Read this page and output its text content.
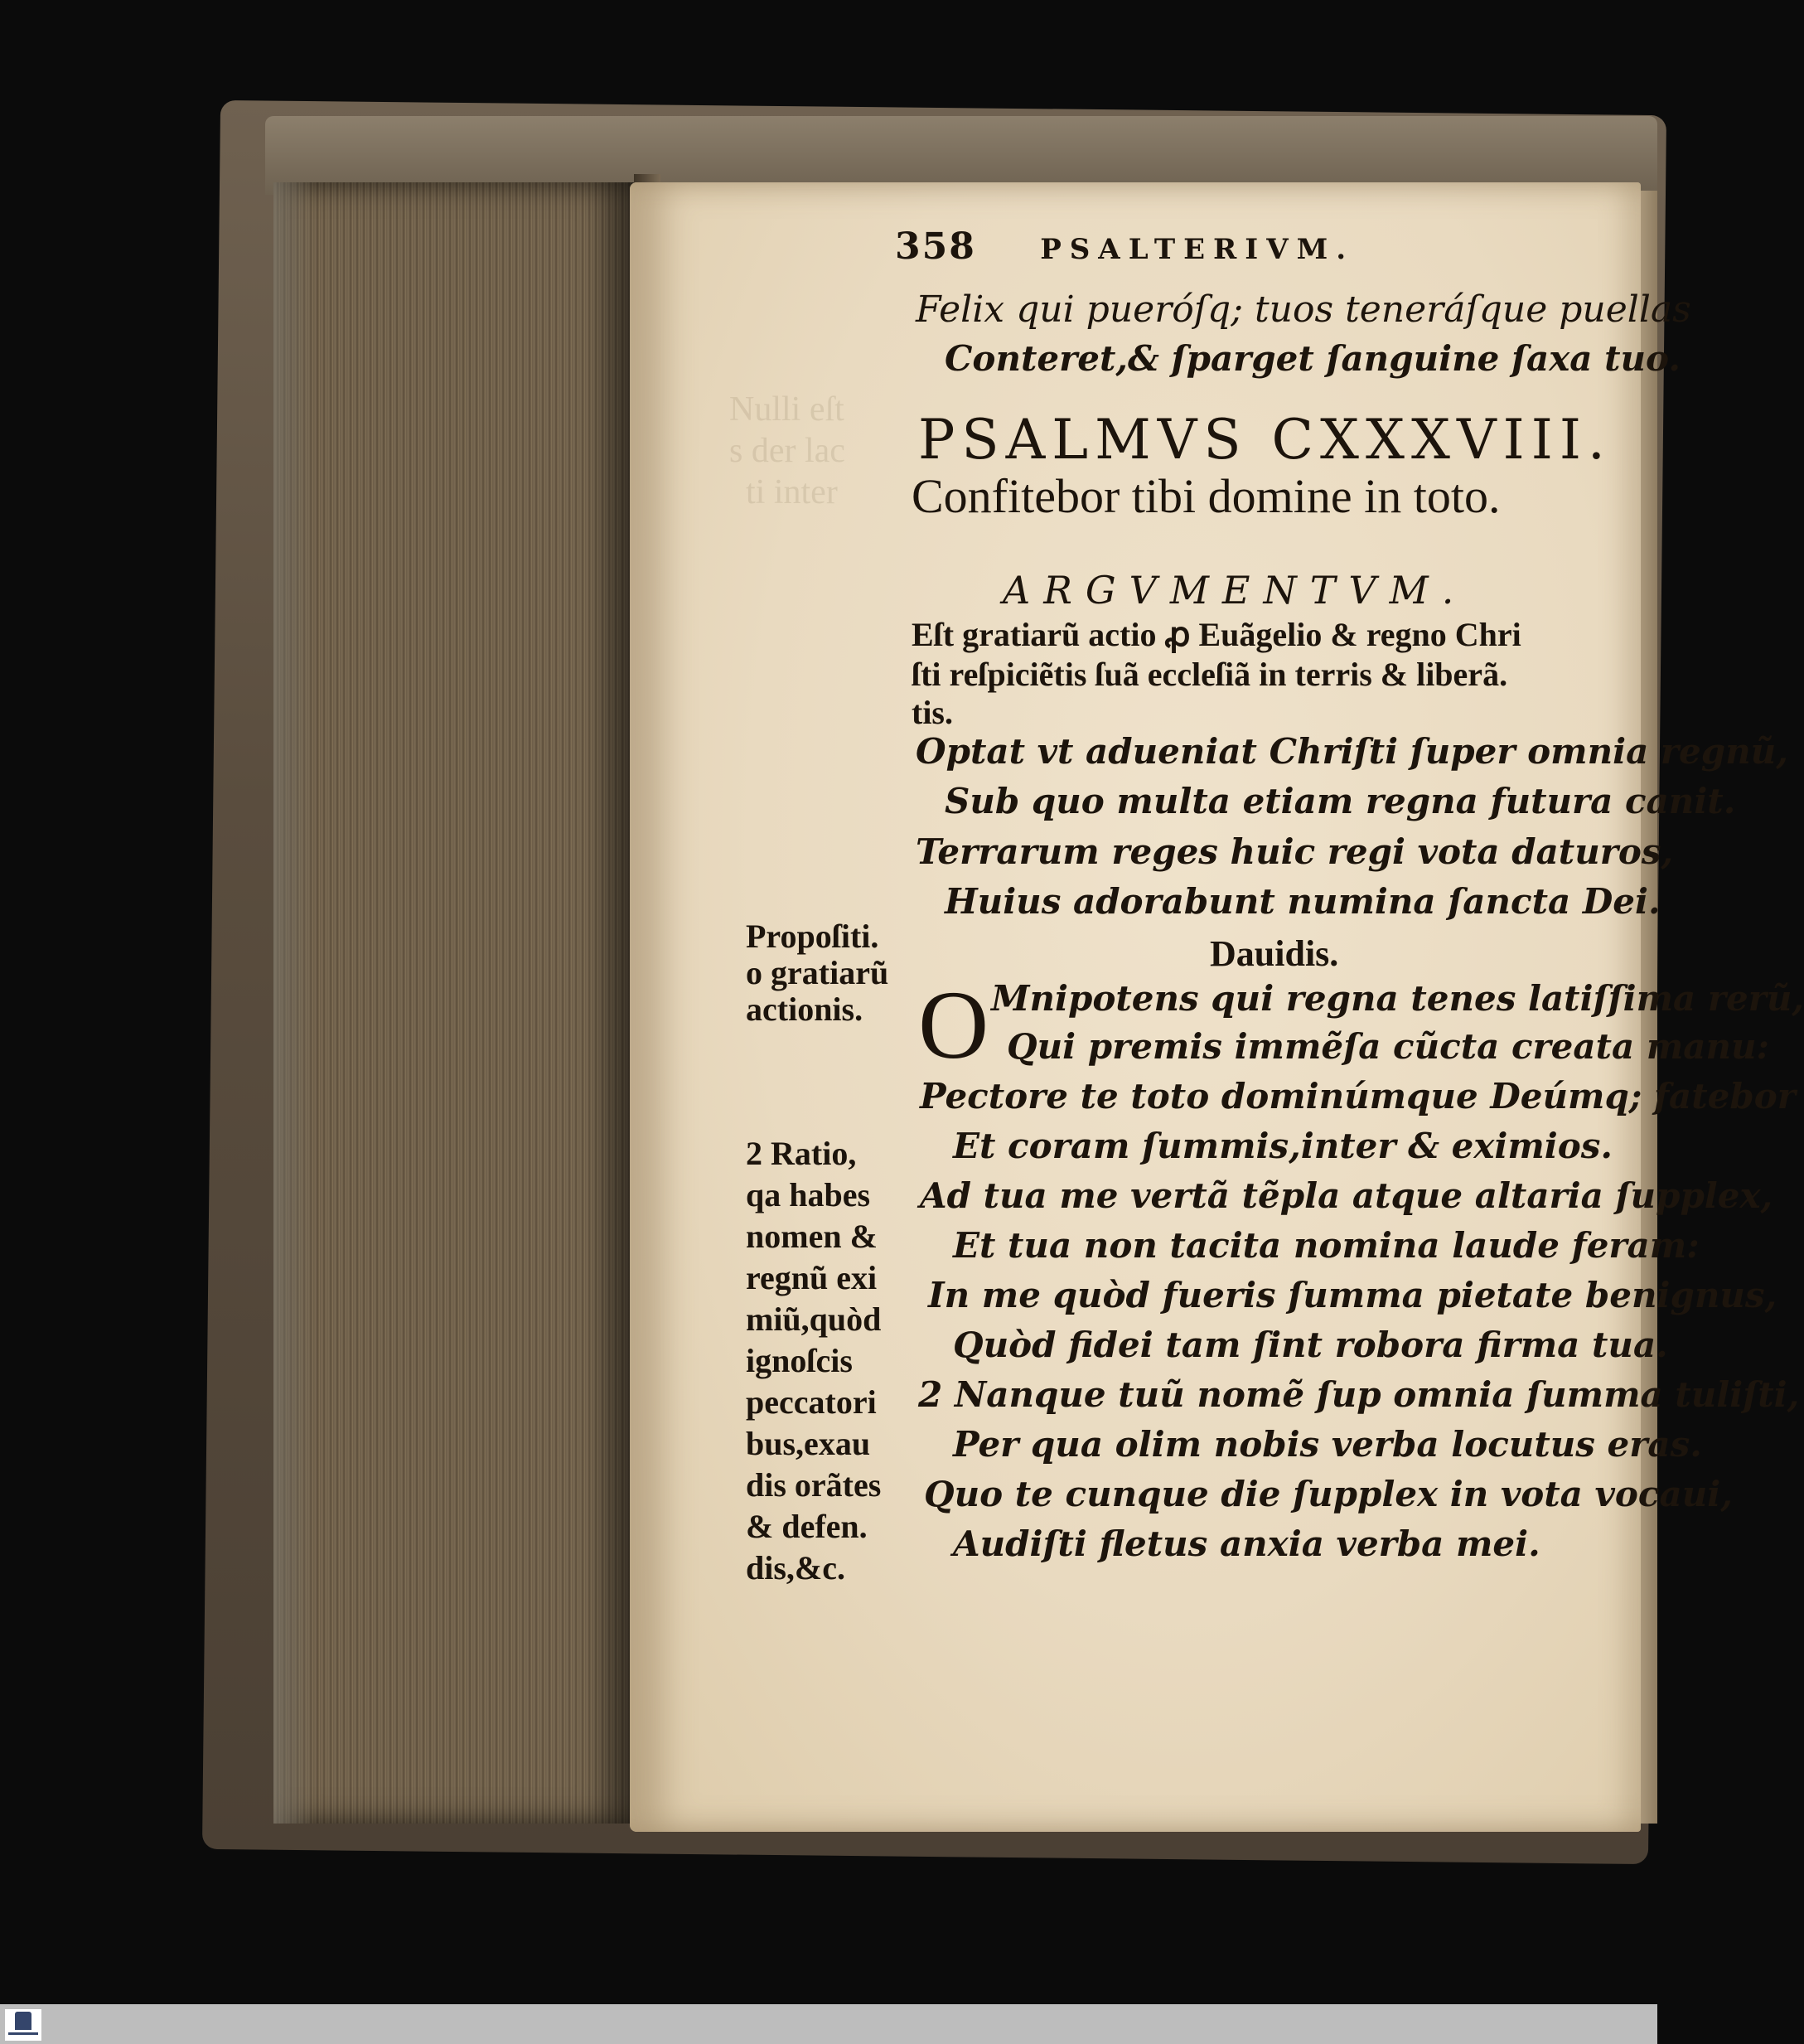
Nulli eſt
s der lac
ti inter
358 PSALTERIVM.
Felix qui pueróſq; tuos teneráſque puellas
Conteret,& ſparget ſanguine ſaxa tuo.
PSALMVS CXXXVIII.
Confitebor tibi domine in toto.
ARGVMENTVM.
Eſt gratiarũ actio ꝓ Euãgelio & regno Chri
ſti reſpiciẽtis ſuã eccleſiã in terris & liberã.
tis.
Optat vt adueniat Chriſti ſuper omnia regnũ,
Sub quo multa etiam regna futura canit.
Terrarum reges huic regi vota daturos,
Huius adorabunt numina ſancta Dei.
Dauidis.
O Mnipotens qui regna tenes latiſſima rerũ,
Qui premis immẽſa cũcta creata manu:
Pectore te toto dominúmque Deúmq; fatebor
Et coram ſummis,inter & eximios.
Ad tua me vertã tẽpla atque altaria ſupplex,
Et tua non tacita nomina laude feram:
In me quòd fueris ſumma pietate benignus,
Quòd fidei tam ſint robora firma tua.
2 Nanque tuũ nomẽ ſup omnia ſumma tuliſti,
Per qua olim nobis verba locutus eras.
Quo te cunque die ſupplex in vota vocaui,
Audiſti fletus anxia verba mei.
Propoſiti.
o gratiarũ
actionis.
2 Ratio,
qa habes
nomen &
regnũ exi
miũ,quòd
ignoſcis
peccatori
bus,exau
dis orãtes
& defen.
dis,&c.
